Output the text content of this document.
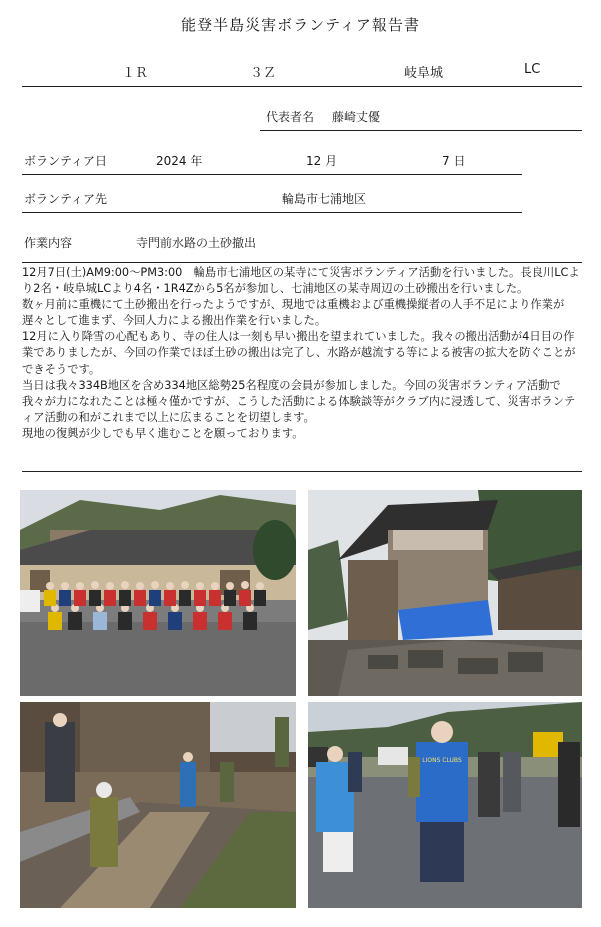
能登半島災害ボランティア報告書
１Ｒ	３Ｚ	岐阜城	LC
代表者名 藤崎丈優
ボランティア日	2024 年	12 月	7 日
ボランティア先	輪島市七浦地区
作業内容	寺門前水路の土砂撤出

12月7日(土)AM9:00～PM3:00　輪島市七浦地区の某寺にて災害ボランティア活動を行いました。長良川LCより2名・岐阜城LCより4名・1R4Zから5名が参加し、七浦地区の某寺周辺の土砂搬出を行いました。

数ヶ月前に重機にて土砂搬出を行ったようですが、現地では重機および重機操縦者の人手不足により作業が遅々として進まず、今回人力による搬出作業を行いました。

12月に入り降雪の心配もあり、寺の住人は一刻も早い搬出を望まれていました。我々の搬出活動が4日目の作業でありましたが、今回の作業でほぼ土砂の搬出は完了し、水路が越流する等による被害の拡大を防ぐことができそうです。

当日は我々334B地区を含め334地区総勢25名程度の会員が参加しました。今回の災害ボランティア活動で我々が力になれたことは極々僅かですが、こうした活動による体験談等がクラブ内に浸透して、災害ボランティア活動の和がこれまで以上に広まることを切望します。

現地の復興が少しでも早く進むことを願っております。

LIONS CLUBS
